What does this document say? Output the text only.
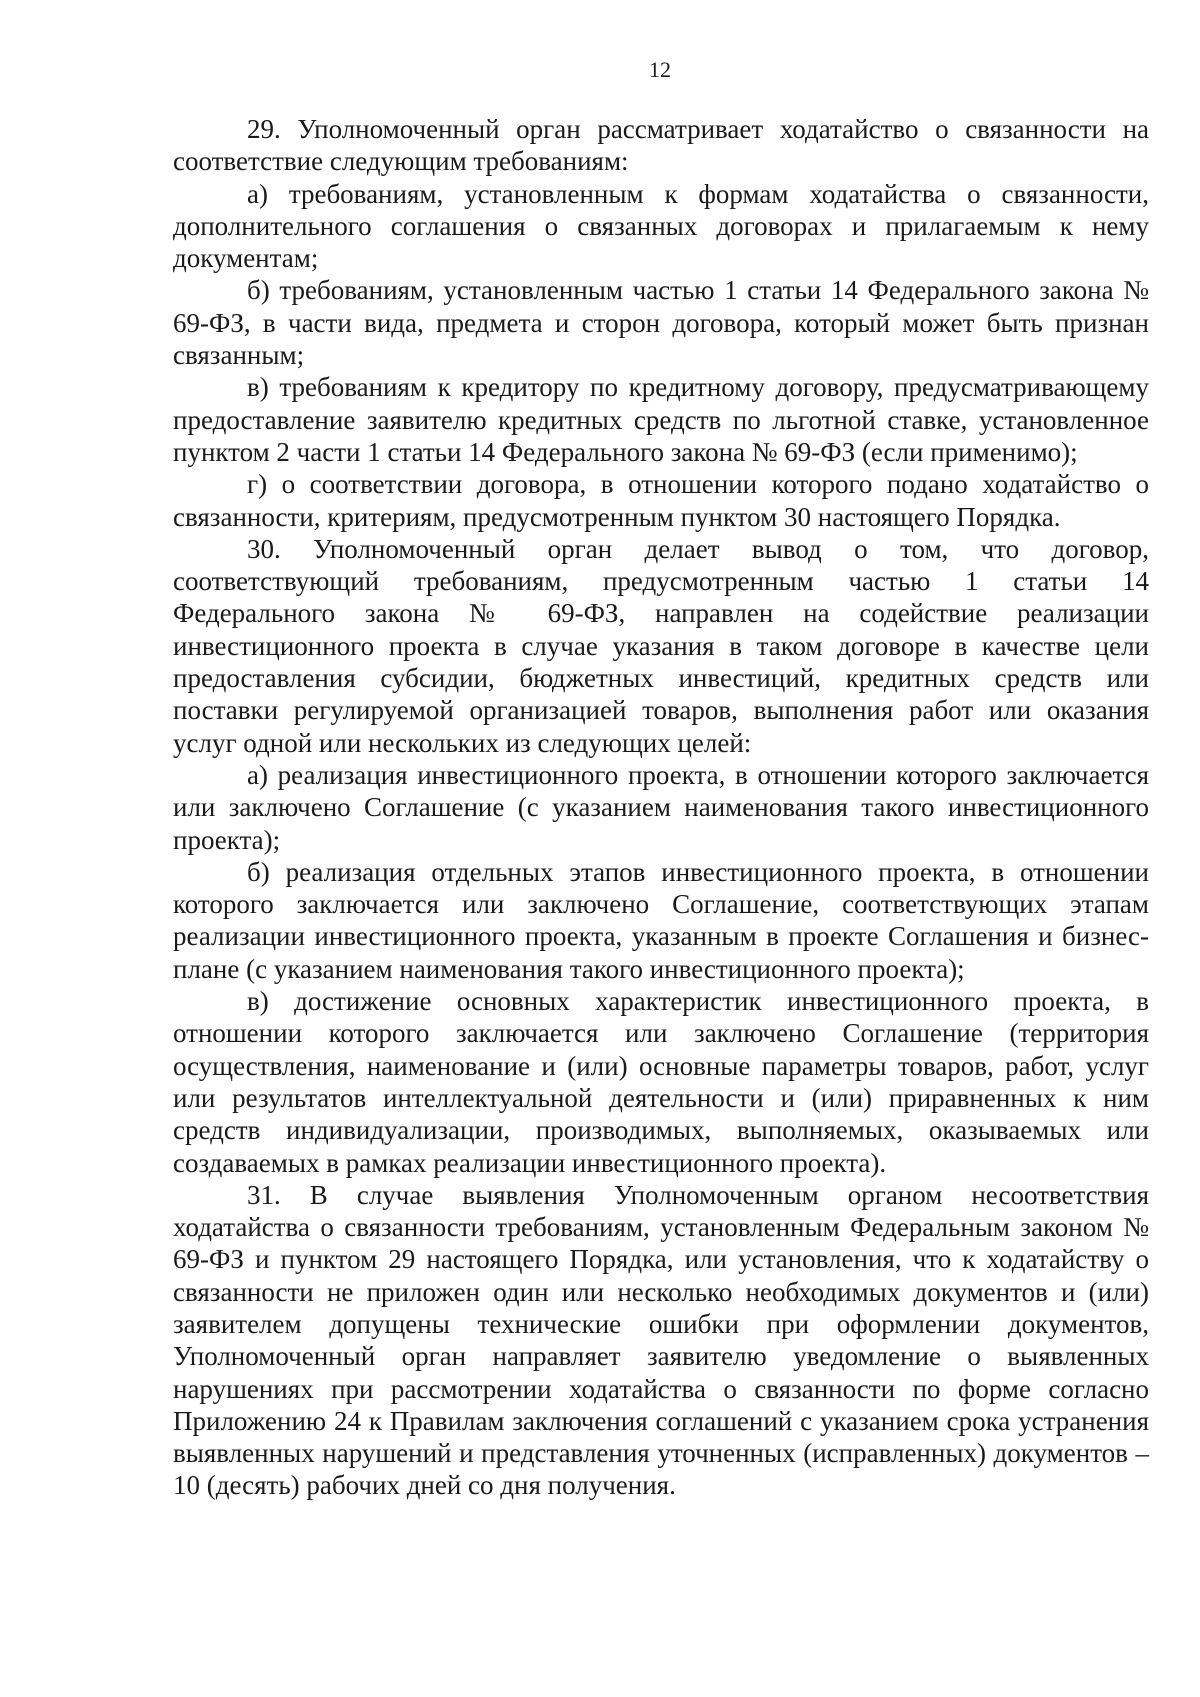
12

29. Уполномоченный орган рассматривает ходатайство о связанности на соответствие следующим требованиям:

а) требованиям, установленным к формам ходатайства о связанности, дополнительного соглашения о связанных договорах и прилагаемым к нему документам;

б) требованиям, установленным частью 1 статьи 14 Федерального закона № 69-ФЗ, в части вида, предмета и сторон договора, который может быть признан связанным;

в) требованиям к кредитору по кредитному договору, предусматривающему предоставление заявителю кредитных средств по льготной ставке, установленное пунктом 2 части 1 статьи 14 Федерального закона № 69-ФЗ (если применимо);

г) о соответствии договора, в отношении которого подано ходатайство о связанности, критериям, предусмотренным пунктом 30 настоящего Порядка.

30. Уполномоченный орган делает вывод о том, что договор, соответствующий требованиям, предусмотренным частью 1 статьи 14 Федерального закона № 69-ФЗ, направлен на содействие реализации инвестиционного проекта в случае указания в таком договоре в качестве цели предоставления субсидии, бюджетных инвестиций, кредитных средств или поставки регулируемой организацией товаров, выполнения работ или оказания услуг одной или нескольких из следующих целей:

а) реализация инвестиционного проекта, в отношении которого заключается или заключено Соглашение (с указанием наименования такого инвестиционного проекта);

б) реализация отдельных этапов инвестиционного проекта, в отношении которого заключается или заключено Соглашение, соответствующих этапам реализации инвестиционного проекта, указанным в проекте Соглашения и бизнес-плане (с указанием наименования такого инвестиционного проекта);

в) достижение основных характеристик инвестиционного проекта, в отношении которого заключается или заключено Соглашение (территория осуществления, наименование и (или) основные параметры товаров, работ, услуг или результатов интеллектуальной деятельности и (или) приравненных к ним средств индивидуализации, производимых, выполняемых, оказываемых или создаваемых в рамках реализации инвестиционного проекта).

31. В случае выявления Уполномоченным органом несоответствия ходатайства о связанности требованиям, установленным Федеральным законом № 69-ФЗ и пунктом 29 настоящего Порядка, или установления, что к ходатайству о связанности не приложен один или несколько необходимых документов и (или) заявителем допущены технические ошибки при оформлении документов, Уполномоченный орган направляет заявителю уведомление о выявленных нарушениях при рассмотрении ходатайства о связанности по форме согласно Приложению 24 к Правилам заключения соглашений с указанием срока устранения выявленных нарушений и представления уточненных (исправленных) документов – 10 (десять) рабочих дней со дня получения.
